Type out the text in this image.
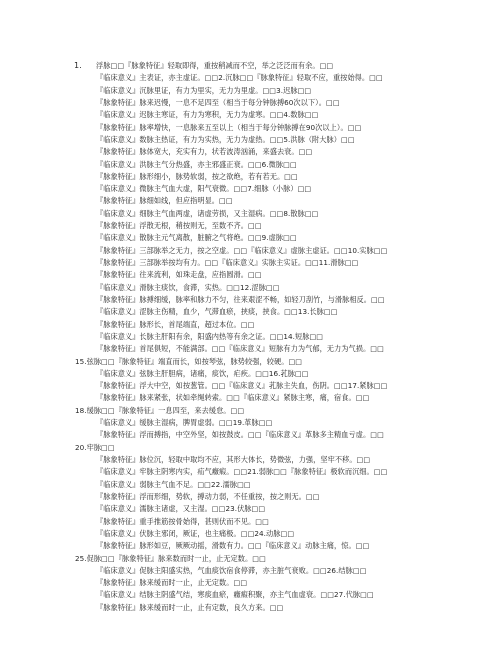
1. 浮脉□□『脉象特征』轻取即得，重按稍减而不空，举之泛泛而有余。□□
『临床意义』主表证，亦主虚证。□□2.沉脉□□『脉象特征』轻取不应，重按始得。□□
『临床意义』沉脉里证，有力为里实，无力为里虚。□□3.迟脉□□
『脉象特征』脉来迟慢，一息不足四至（相当于每分钟脉搏60次以下）。□□
『临床意义』迟脉主寒证，有力为寒积，无力为虚寒。□□4.数脉□□
『脉象特征』脉率增快，一息脉来五至以上（相当于每分钟脉搏在90次以上）。□□
『临床意义』数脉主热证，有力为实热，无力为虚热。□□5.洪脉（附大脉）□□
『脉象特征』脉体宽大，充实有力，状若波涛汹涌，来盛去衰。□□
『临床意义』洪脉主气分热盛，亦主邪盛正衰。□□6.微脉□□
『脉象特征』脉形细小，脉势软弱，按之欲绝，若有若无。□□
『临床意义』微脉主气血大虚，阳气衰微。□□7.细脉（小脉）□□
『脉象特征』脉细如线，但应指明显。□□
『临床意义』细脉主气血两虚，诸虚劳损，又主湿病。□□8.散脉□□
『脉象特征』浮散无根，稍按则无，至数不齐。□□
『临床意义』散脉主元气离散，脏腑之气将绝。□□9.虚脉□□
『脉象特征』三部脉举之无力，按之空虚。□□『临床意义』虚脉主虚证。□□10.实脉□□
『脉象特征』三部脉举按均有力。□□『临床意义』实脉主实证。□□11.滑脉□□
『脉象特征』往来流利，如珠走盘，应指圆滑。□□
『临床意义』滑脉主痰饮，食滞，实热。□□12.涩脉□□
『脉象特征』脉搏细缓，脉率和脉力不匀，往来艰涩不畅，如轻刀刮竹，与滑脉相反。□□
『临床意义』涩脉主伤精，血少，气滞血瘀，挟痰，挟食。□□13.长脉□□
『脉象特征』脉形长，首尾端直，超过本位。□□
『临床意义』长脉主肝阳有余，阳盛内热等有余之证。□□14.短脉□□
『脉象特征』首尾俱短，不能满部。□□『临床意义』短脉有力为气郁，无力为气损。□□
15.弦脉□□『脉象特征』端直而长，如按琴弦，脉势较强，较硬。□□
『临床意义』弦脉主肝胆病，诸痛，痰饮，疟疾。□□16.芤脉□□
『脉象特征』浮大中空，如按葱管。□□『临床意义』芤脉主失血，伤阴。□□17.紧脉□□
『脉象特征』脉来紧张，状如牵绳转索。□□『临床意义』紧脉主寒，痛，宿食。□□
18.缓脉□□『脉象特征』一息四至，来去缓怠。□□
『临床意义』缓脉主湿病，脾胃虚弱。□□19.革脉□□
『脉象特征』浮而搏指，中空外坚，如按鼓皮。□□『临床意义』革脉多主精血亏虚。□□
20.牢脉□□
『脉象特征』脉位沉，轻取中取均不应，其形大体长，势微弦，力强，坚牢不移。□□
『临床意义』牢脉主阴寒内实，疝气癥瘕。□□21.弱脉□□『脉象特征』极软而沉细。□□
『临床意义』弱脉主气血不足。□□22.濡脉□□
『脉象特征』浮而形细，势软，搏动力弱，不任重按，按之则无。□□
『临床意义』濡脉主诸虚，又主湿。□□23.伏脉□□
『脉象特征』重手推筋按骨始得，甚则伏而不见。□□
『临床意义』伏脉主邪闭，厥证，也主痛极。□□24.动脉□□
『脉象特征』脉形如豆，厥厥动摇，滑数有力。□□『临床意义』动脉主痛，惊。□□
25.促脉□□『脉象特征』脉来数而时一止，止无定数。□□
『临床意义』促脉主阳盛实热，气血痰饮宿食停滞，亦主脏气衰败。□□26.结脉□□
『脉象特征』脉来缓而时一止，止无定数。□□
『临床意义』结脉主阴盛气结，寒痰血瘀，癥瘕积聚，亦主气血虚衰。□□27.代脉□□
『脉象特征』脉来缓而时一止，止有定数，良久方来。□□
